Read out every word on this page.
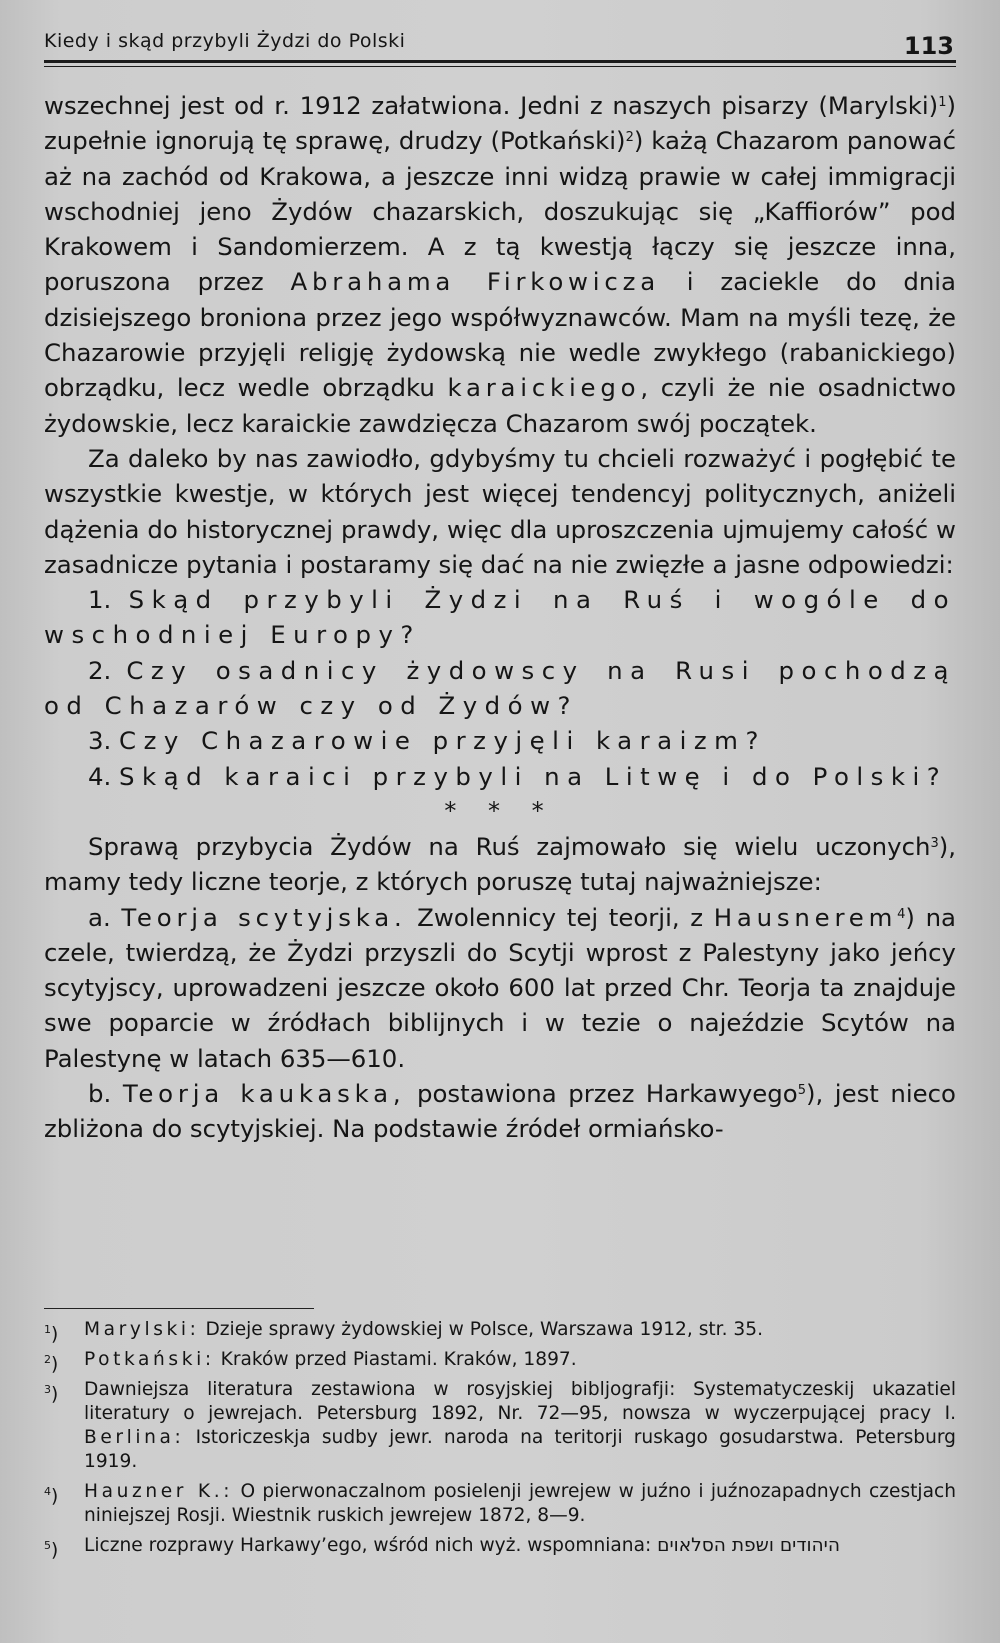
Kiedy i skąd przybyli Żydzi do Polski	113

wszechnej jest od r. 1912 załatwiona. Jedni z naszych pisarzy (Marylski)$^1$) zupełnie ignorują tę sprawę, drudzy (Potkański)$^2$) każą Chazarom panować aż na zachód od Krakowa, a jeszcze inni widzą prawie w całej immigracji wschodniej jeno Żydów chazarskich, doszukując się „Kaffiorów” pod Krakowem i Sandomierzem. A z tą kwestją łączy się jeszcze inna, poruszona przez Abrahama Firkowicza i zaciekle do dnia dzisiejszego broniona przez jego współwyznawców. Mam na myśli tezę, że Chazarowie przyjęli religję żydowską nie wedle zwykłego (rabanickiego) obrządku, lecz wedle obrządku karaickiego, czyli że nie osadnictwo żydowskie, lecz karaickie zawdzięcza Chazarom swój początek.

Za daleko by nas zawiodło, gdybyśmy tu chcieli rozważyć i pogłębić te wszystkie kwestje, w których jest więcej tendencyj politycznych, aniżeli dążenia do historycznej prawdy, więc dla uproszczenia ujmujemy całość w zasadnicze pytania i postaramy się dać na nie zwięzłe a jasne odpowiedzi:

1. Skąd przybyli Żydzi na Ruś i wogóle do wschodniej Europy?

2. Czy osadnicy żydowscy na Rusi pochodzą od Chazarów czy od Żydów?

3. Czy Chazarowie przyjęli karaizm?

4. Skąd karaici przybyli na Litwę i do Polski?

* * *

Sprawą przybycia Żydów na Ruś zajmowało się wielu uczonych$^3$), mamy tedy liczne teorje, z których poruszę tutaj najważniejsze:

a. Teorja scytyjska. Zwolennicy tej teorji, z Hausnerem$^4$) na czele, twierdzą, że Żydzi przyszli do Scytji wprost z Palestyny jako jeńcy scytyjscy, uprowadzeni jeszcze około 600 lat przed Chr. Teorja ta znajduje swe poparcie w źródłach biblijnych i w tezie o najeździe Scytów na Palestynę w latach 635—610.

b. Teorja kaukaska, postawiona przez Harkawyego$^5$), jest nieco zbliżona do scytyjskiej. Na podstawie źródeł ormiańsko-

$^1$) Marylski: Dzieje sprawy żydowskiej w Polsce, Warszawa 1912, str. 35.
$^2$) Potkański: Kraków przed Piastami. Kraków, 1897.
$^3$) Dawniejsza literatura zestawiona w rosyjskiej bibljografji: Systematyczeskij ukazatiel literatury o jewrejach. Petersburg 1892, Nr. 72—95, nowsza w wyczerpującej pracy I. Berlina: Istoriczeskja sudby jewr. naroda na teritorji ruskago gosudarstwa. Petersburg 1919.
$^4$) Hauzner K.: O pierwonaczalnom posielenji jewrejew w juźno i juźnozapadnych czestjach niniejszej Rosji. Wiestnik ruskich jewrejew 1872, 8—9.
$^5$) Liczne rozprawy Harkawy’ego, wśród nich wyż. wspomniana: היהודים ושפת הסלאוים
